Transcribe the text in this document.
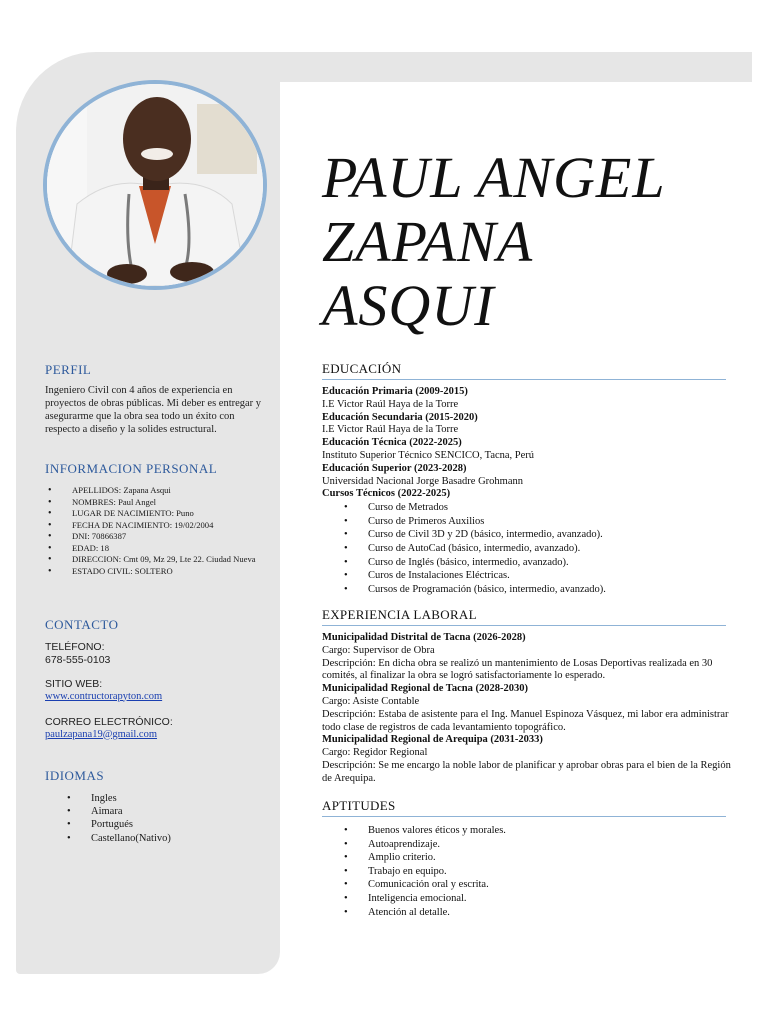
PAUL ANGEL
ZAPANA
ASQUI
PERFIL
Ingeniero Civil con 4 años de experiencia en proyectos de obras públicas. Mi deber es entregar y asegurarme que la obra sea todo un éxito con respecto a diseño y la solides estructural.
INFORMACION PERSONAL
• APELLIDOS: Zapana Asqui
• NOMBRES: Paul Angel
• LUGAR DE NACIMIENTO: Puno
• FECHA DE NACIMIENTO: 19/02/2004
• DNI: 70866387
• EDAD: 18
• DIRECCION: Cmt 09, Mz 29, Lte 22. Ciudad Nueva
• ESTADO CIVIL: SOLTERO
CONTACTO
TELÉFONO:
678-555-0103
SITIO WEB:
www.contructorapyton.com
CORREO ELECTRÓNICO:
paulzapana19@gmail.com
IDIOMAS
• Ingles
• Aimara
• Portugués
• Castellano(Nativo)
EDUCACIÓN
Educación Primaria (2009-2015)
I.E Victor Raúl Haya de la Torre
Educación Secundaria (2015-2020)
I.E Victor Raúl Haya de la Torre
Educación Técnica (2022-2025)
Instituto Superior Técnico SENCICO, Tacna, Perú
Educación Superior (2023-2028)
Universidad Nacional Jorge Basadre Grohmann
Cursos Técnicos (2022-2025)
• Curso de Metrados
• Curso de Primeros Auxilios
• Curso de Civil 3D y 2D (básico, intermedio, avanzado).
• Curso de AutoCad (básico, intermedio, avanzado).
• Curso de Inglés (básico, intermedio, avanzado).
• Curos de Instalaciones Eléctricas.
• Cursos de Programación (básico, intermedio, avanzado).
EXPERIENCIA LABORAL
Municipalidad Distrital de Tacna (2026-2028)
Cargo: Supervisor de Obra
Descripción: En dicha obra se realizó un mantenimiento de Losas Deportivas realizada en 30 comités, al finalizar la obra se logró satisfactoriamente lo esperado.
Municipalidad Regional de Tacna (2028-2030)
Cargo: Asiste Contable
Descripción: Estaba de asistente para el Ing. Manuel Espinoza Vásquez, mi labor era administrar todo clase de registros de cada levantamiento topográfico.
Municipalidad Regional de Arequipa (2031-2033)
Cargo: Regidor Regional
Descripción: Se me encargo la noble labor de planificar y aprobar obras para el bien de la Región de Arequipa.
APTITUDES
• Buenos valores éticos y morales.
• Autoaprendizaje.
• Amplio criterio.
• Trabajo en equipo.
• Comunicación oral y escrita.
• Inteligencia emocional.
• Atención al detalle.
